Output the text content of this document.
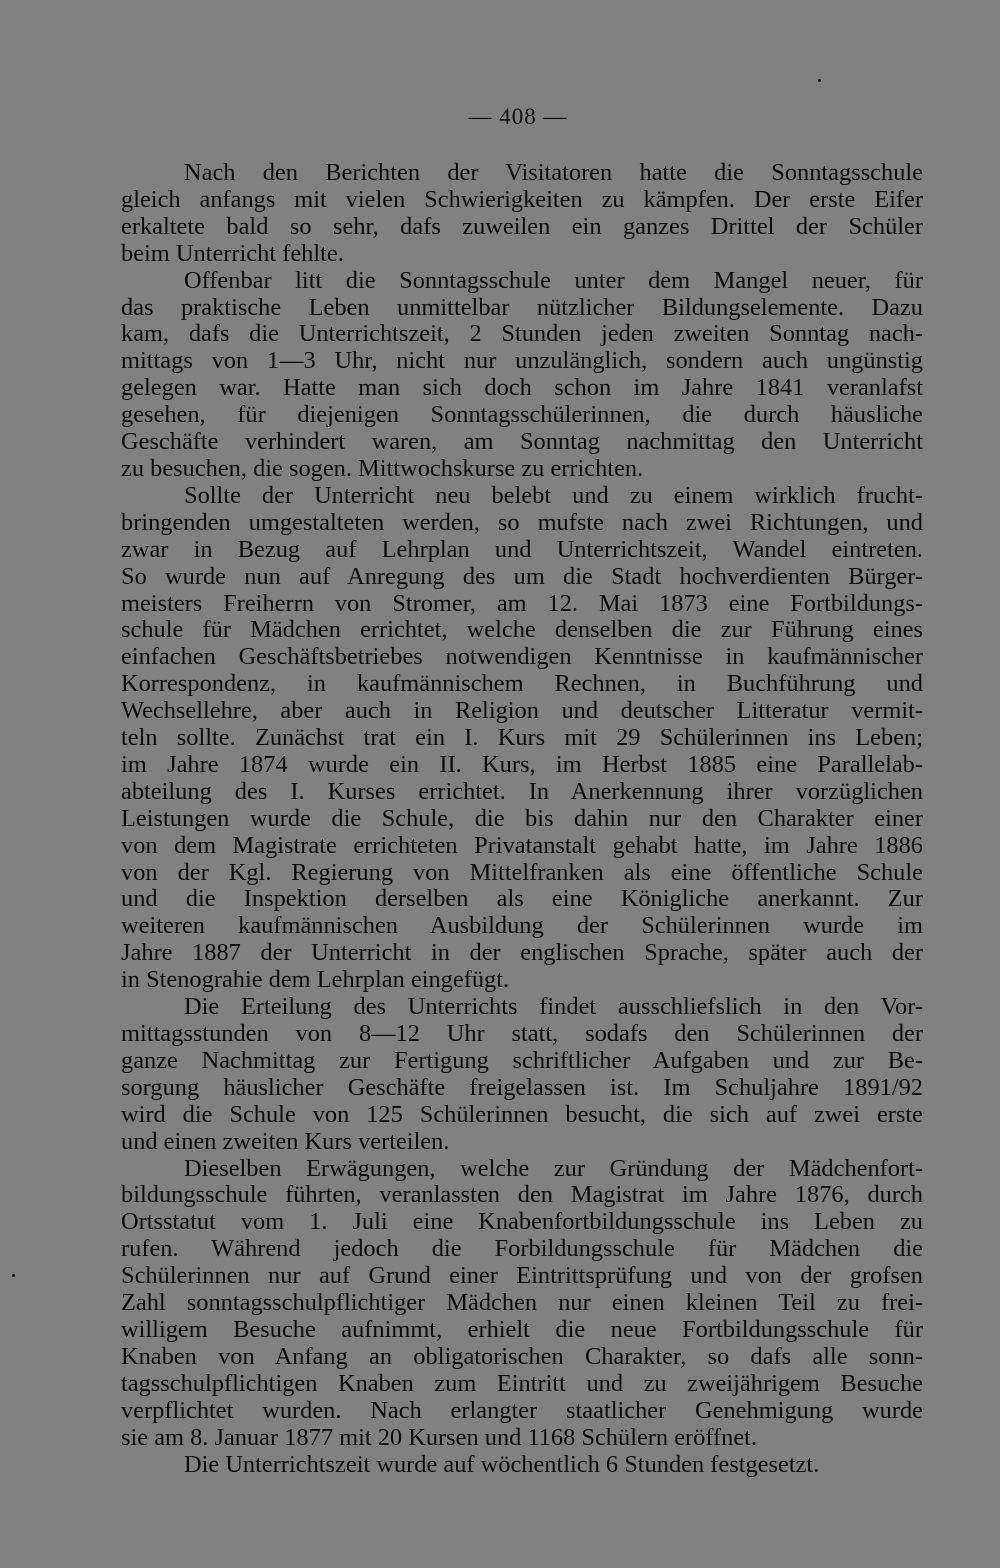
— 408 —
Nach den Berichten der Visitatoren hatte die Sonntagsschule
gleich anfangs mit vielen Schwierigkeiten zu kämpfen. Der erste Eifer
erkaltete bald so sehr, dafs zuweilen ein ganzes Drittel der Schüler
beim Unterricht fehlte.
Offenbar litt die Sonntagsschule unter dem Mangel neuer, für
das praktische Leben unmittelbar nützlicher Bildungselemente. Dazu
kam, dafs die Unterrichtszeit, 2 Stunden jeden zweiten Sonntag nach-
mittags von 1—3 Uhr, nicht nur unzulänglich, sondern auch ungünstig
gelegen war. Hatte man sich doch schon im Jahre 1841 veranlafst
gesehen, für diejenigen Sonntagsschülerinnen, die durch häusliche
Geschäfte verhindert waren, am Sonntag nachmittag den Unterricht
zu besuchen, die sogen. Mittwochskurse zu errichten.
Sollte der Unterricht neu belebt und zu einem wirklich frucht-
bringenden umgestalteten werden, so mufste nach zwei Richtungen, und
zwar in Bezug auf Lehrplan und Unterrichtszeit, Wandel eintreten.
So wurde nun auf Anregung des um die Stadt hochverdienten Bürger-
meisters Freiherrn von Stromer, am 12. Mai 1873 eine Fortbildungs-
schule für Mädchen errichtet, welche denselben die zur Führung eines
einfachen Geschäftsbetriebes notwendigen Kenntnisse in kaufmännischer
Korrespondenz, in kaufmännischem Rechnen, in Buchführung und
Wechsellehre, aber auch in Religion und deutscher Litteratur vermit-
teln sollte. Zunächst trat ein I. Kurs mit 29 Schülerinnen ins Leben;
im Jahre 1874 wurde ein II. Kurs, im Herbst 1885 eine Parallelab-
abteilung des I. Kurses errichtet. In Anerkennung ihrer vorzüglichen
Leistungen wurde die Schule, die bis dahin nur den Charakter einer
von dem Magistrate errichteten Privatanstalt gehabt hatte, im Jahre 1886
von der Kgl. Regierung von Mittelfranken als eine öffentliche Schule
und die Inspektion derselben als eine Königliche anerkannt. Zur
weiteren kaufmännischen Ausbildung der Schülerinnen wurde im
Jahre 1887 der Unterricht in der englischen Sprache, später auch der
in Stenograhie dem Lehrplan eingefügt.
Die Erteilung des Unterrichts findet ausschliefslich in den Vor-
mittagsstunden von 8—12 Uhr statt, sodafs den Schülerinnen der
ganze Nachmittag zur Fertigung schriftlicher Aufgaben und zur Be-
sorgung häuslicher Geschäfte freigelassen ist. Im Schuljahre 1891/92
wird die Schule von 125 Schülerinnen besucht, die sich auf zwei erste
und einen zweiten Kurs verteilen.
Dieselben Erwägungen, welche zur Gründung der Mädchenfort-
bildungsschule führten, veranlassten den Magistrat im Jahre 1876, durch
Ortsstatut vom 1. Juli eine Knabenfortbildungsschule ins Leben zu
rufen. Während jedoch die Forbildungsschule für Mädchen die
Schülerinnen nur auf Grund einer Eintrittsprüfung und von der grofsen
Zahl sonntagsschulpflichtiger Mädchen nur einen kleinen Teil zu frei-
willigem Besuche aufnimmt, erhielt die neue Fortbildungsschule für
Knaben von Anfang an obligatorischen Charakter, so dafs alle sonn-
tagsschulpflichtigen Knaben zum Eintritt und zu zweijährigem Besuche
verpflichtet wurden. Nach erlangter staatlicher Genehmigung wurde
sie am 8. Januar 1877 mit 20 Kursen und 1168 Schülern eröffnet.
Die Unterrichtszeit wurde auf wöchentlich 6 Stunden festgesetzt.
